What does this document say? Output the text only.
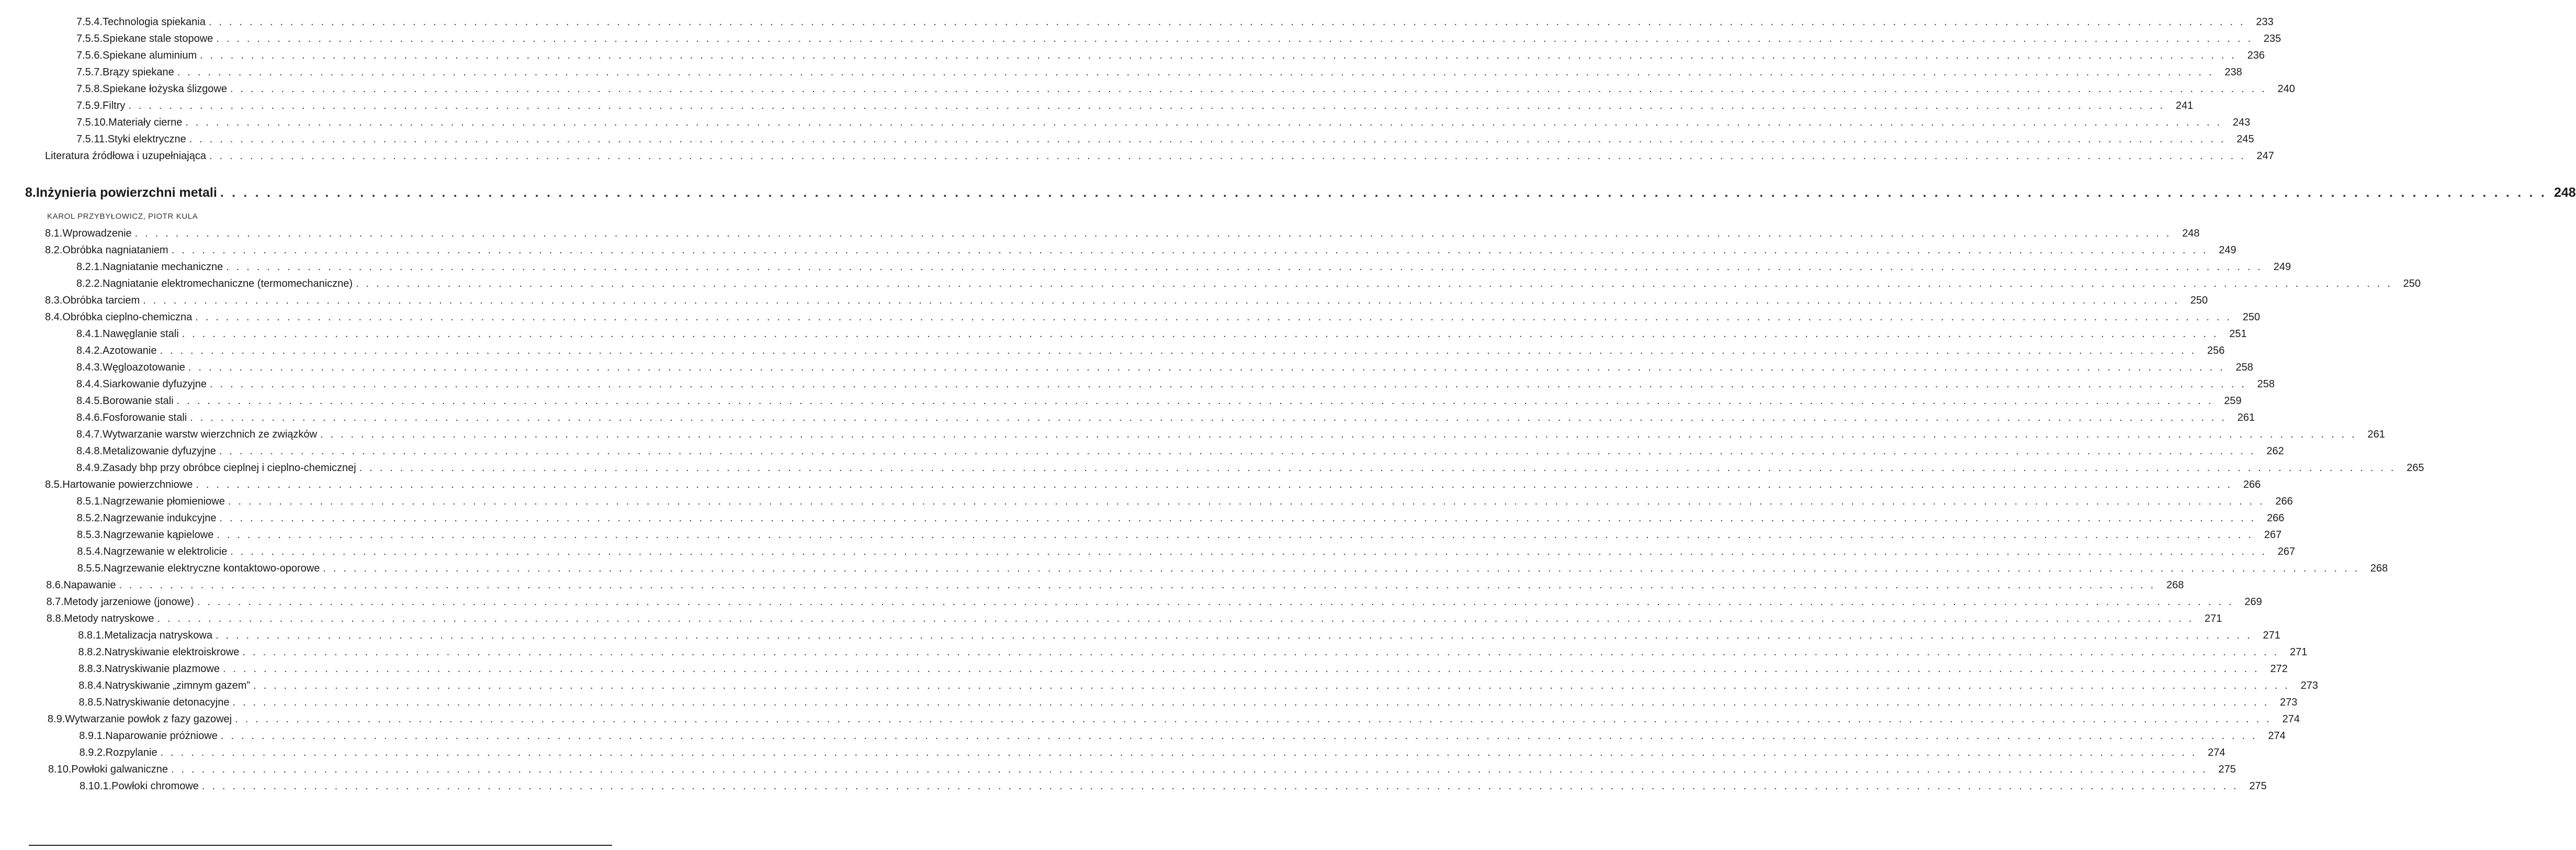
7.5.4. Technologia spiekania . . . . . . . . . . . . . . . . . . . . . . . . . . . . . . . . . . . . . . . . . . . . . . . . . . . . . . . . . . . . . . . . . . . . . . . . . . . . . . . . . . . . . . . . . . . . . . . . . . . . . . . . . . . . . . . . . . . . . . . . . . . . . . . . . . . . . . . . . . . . . . . . . . . . . . . . . . . . . . . . . . . . . . . . . . . . . . . . . . . . . . . . . . . . . . . . . . . . . . . .	233
7.5.5. Spiekane stale stopowe . . . . . . . . . . . . . . . . . . . . . . . . . . . . . . . . . . . . . . . . . . . . . . . . . . . . . . . . . . . . . . . . . . . . . . . . . . . . . . . . . . . . . . . . . . . . . . . . . . . . . . . . . . . . . . . . . . . . . . . . . . . . . . . . . . . . . . . . . . . . . . . . . . . . . . . . . . . . . . . . . . . . . . . . . . . . . . . . . . . . . . . . . . . . . . . . . . . . . . . .	235
7.5.6. Spiekane aluminium . . . . . . . . . . . . . . . . . . . . . . . . . . . . . . . . . . . . . . . . . . . . . . . . . . . . . . . . . . . . . . . . . . . . . . . . . . . . . . . . . . . . . . . . . . . . . . . . . . . . . . . . . . . . . . . . . . . . . . . . . . . . . . . . . . . . . . . . . . . . . . . . . . . . . . . . . . . . . . . . . . . . . . . . . . . . . . . . . . . . . . . . . . . . . . . . . . . . . . . .	236
7.5.7. Brązy spiekane . . . . . . . . . . . . . . . . . . . . . . . . . . . . . . . . . . . . . . . . . . . . . . . . . . . . . . . . . . . . . . . . . . . . . . . . . . . . . . . . . . . . . . . . . . . . . . . . . . . . . . . . . . . . . . . . . . . . . . . . . . . . . . . . . . . . . . . . . . . . . . . . . . . . . . . . . . . . . . . . . . . . . . . . . . . . . . . . . . . . . . . . . . . . . . . . . . . . . . . .	238
7.5.8. Spiekane łożyska ślizgowe . . . . . . . . . . . . . . . . . . . . . . . . . . . . . . . . . . . . . . . . . . . . . . . . . . . . . . . . . . . . . . . . . . . . . . . . . . . . . . . . . . . . . . . . . . . . . . . . . . . . . . . . . . . . . . . . . . . . . . . . . . . . . . . . . . . . . . . . . . . . . . . . . . . . . . . . . . . . . . . . . . . . . . . . . . . . . . . . . . . . . . . . . . . . . . . . . . . . . . . .	240
7.5.9. Filtry . . . . . . . . . . . . . . . . . . . . . . . . . . . . . . . . . . . . . . . . . . . . . . . . . . . . . . . . . . . . . . . . . . . . . . . . . . . . . . . . . . . . . . . . . . . . . . . . . . . . . . . . . . . . . . . . . . . . . . . . . . . . . . . . . . . . . . . . . . . . . . . . . . . . . . . . . . . . . . . . . . . . . . . . . . . . . . . . . . . . . . . . . . . . . . . . . . . . . . . .	241
7.5.10. Materiały cierne . . . . . . . . . . . . . . . . . . . . . . . . . . . . . . . . . . . . . . . . . . . . . . . . . . . . . . . . . . . . . . . . . . . . . . . . . . . . . . . . . . . . . . . . . . . . . . . . . . . . . . . . . . . . . . . . . . . . . . . . . . . . . . . . . . . . . . . . . . . . . . . . . . . . . . . . . . . . . . . . . . . . . . . . . . . . . . . . . . . . . . . . . . . . . . . . . . . . . . . .	243
7.5.11. Styki elektryczne . . . . . . . . . . . . . . . . . . . . . . . . . . . . . . . . . . . . . . . . . . . . . . . . . . . . . . . . . . . . . . . . . . . . . . . . . . . . . . . . . . . . . . . . . . . . . . . . . . . . . . . . . . . . . . . . . . . . . . . . . . . . . . . . . . . . . . . . . . . . . . . . . . . . . . . . . . . . . . . . . . . . . . . . . . . . . . . . . . . . . . . . . . . . . . . . . . . . . . . .	245
Literatura źródłowa i uzupełniająca . . . . . . . . . . . . . . . . . . . . . . . . . . . . . . . . . . . . . . . . . . . . . . . . . . . . . . . . . . . . . . . . . . . . . . . . . . . . . . . . . . . . . . . . . . . . . . . . . . . . . . . . . . . . . . . . . . . . . . . . . . . . . . . . . . . . . . . . . . . . . . . . . . . . . . . . . . . . . . . . . . . . . . . . . . . . . . . . . . . . . . . . . . . . . . . . . . . . . . . .	247
8. Inżynieria powierzchni metali . . . . . . . . . . . . . . . . . . . . . . . . . . . . . . . . . . . . . . . . . . . . . . . . . . . . . . . . . . . . . . . . . . . . . . . . . . . . . . . . . . . . . . . . . . . . . . . . . . . . . . . . . . . . . . . . . . . . . . . . . . . . . . . . . . . . . . . . . . . . . . . . . . . . . . . . . . . . . . . . . . . . . . . . . . . . . . . . . . . . . . . . . . . . . . . . . . . . . . . . 248
8.1. Wprowadzenie . . . . . . . . . . . . . . . . . . . . . . . . . . . . . . . . . . . . . . . . . . . . . . . . . . . . . . . . . . . . . . . . . . . . . . . . . . . . . . . . . . . . . . . . . . . . . . . . . . . . . . . . . . . . . . . . . . . . . . . . . . . . . . . . . . . . . . . . . . . . . . . . . . . . . . . . . . . . . . . . . . . . . . . . . . . . . . . . . . . . . . . . . . . . . . . . . . . . . . . .	248
8.2. Obróbka nagniataniem . . . . . . . . . . . . . . . . . . . . . . . . . . . . . . . . . . . . . . . . . . . . . . . . . . . . . . . . . . . . . . . . . . . . . . . . . . . . . . . . . . . . . . . . . . . . . . . . . . . . . . . . . . . . . . . . . . . . . . . . . . . . . . . . . . . . . . . . . . . . . . . . . . . . . . . . . . . . . . . . . . . . . . . . . . . . . . . . . . . . . . . . . . . . . . . . . . . . . . . .	249
8.2.1. Nagniatanie mechaniczne . . . . . . . . . . . . . . . . . . . . . . . . . . . . . . . . . . . . . . . . . . . . . . . . . . . . . . . . . . . . . . . . . . . . . . . . . . . . . . . . . . . . . . . . . . . . . . . . . . . . . . . . . . . . . . . . . . . . . . . . . . . . . . . . . . . . . . . . . . . . . . . . . . . . . . . . . . . . . . . . . . . . . . . . . . . . . . . . . . . . . . . . . . . . . . . . . . . . . . . .	249
8.2.2. Nagniatanie elektromechaniczne (termomechaniczne) . . . . . . . . . . . . . . . . . . . . . . . . . . . . . . . . . . . . . . . . . . . . . . . . . . . . . . . . . . . . . . . . . . . . . . . . . . . . . . . . . . . . . . . . . . . . . . . . . . . . . . . . . . . . . . . . . . . . . . . . . . . . . . . . . . . . . . . . . . . . . . . . . . . . . . . . . . . . . . . . . . . . . . . . . . . . . . . . . . . . . . . . . . . . . . . . . . . . . . . .	250
8.3. Obróbka tarciem . . . . . . . . . . . . . . . . . . . . . . . . . . . . . . . . . . . . . . . . . . . . . . . . . . . . . . . . . . . . . . . . . . . . . . . . . . . . . . . . . . . . . . . . . . . . . . . . . . . . . . . . . . . . . . . . . . . . . . . . . . . . . . . . . . . . . . . . . . . . . . . . . . . . . . . . . . . . . . . . . . . . . . . . . . . . . . . . . . . . . . . . . . . . . . . . . . . . . . . .	250
8.4. Obróbka cieplno-chemiczna . . . . . . . . . . . . . . . . . . . . . . . . . . . . . . . . . . . . . . . . . . . . . . . . . . . . . . . . . . . . . . . . . . . . . . . . . . . . . . . . . . . . . . . . . . . . . . . . . . . . . . . . . . . . . . . . . . . . . . . . . . . . . . . . . . . . . . . . . . . . . . . . . . . . . . . . . . . . . . . . . . . . . . . . . . . . . . . . . . . . . . . . . . . . . . . . . . . . . . . .	250
8.4.1. Nawęglanie stali . . . . . . . . . . . . . . . . . . . . . . . . . . . . . . . . . . . . . . . . . . . . . . . . . . . . . . . . . . . . . . . . . . . . . . . . . . . . . . . . . . . . . . . . . . . . . . . . . . . . . . . . . . . . . . . . . . . . . . . . . . . . . . . . . . . . . . . . . . . . . . . . . . . . . . . . . . . . . . . . . . . . . . . . . . . . . . . . . . . . . . . . . . . . . . . . . . . . . . . .	251
8.4.2. Azotowanie . . . . . . . . . . . . . . . . . . . . . . . . . . . . . . . . . . . . . . . . . . . . . . . . . . . . . . . . . . . . . . . . . . . . . . . . . . . . . . . . . . . . . . . . . . . . . . . . . . . . . . . . . . . . . . . . . . . . . . . . . . . . . . . . . . . . . . . . . . . . . . . . . . . . . . . . . . . . . . . . . . . . . . . . . . . . . . . . . . . . . . . . . . . . . . . . . . . . . . . .	256
8.4.3. Węgloazotowanie . . . . . . . . . . . . . . . . . . . . . . . . . . . . . . . . . . . . . . . . . . . . . . . . . . . . . . . . . . . . . . . . . . . . . . . . . . . . . . . . . . . . . . . . . . . . . . . . . . . . . . . . . . . . . . . . . . . . . . . . . . . . . . . . . . . . . . . . . . . . . . . . . . . . . . . . . . . . . . . . . . . . . . . . . . . . . . . . . . . . . . . . . . . . . . . . . . . . . . . .	258
8.4.4. Siarkowanie dyfuzyjne . . . . . . . . . . . . . . . . . . . . . . . . . . . . . . . . . . . . . . . . . . . . . . . . . . . . . . . . . . . . . . . . . . . . . . . . . . . . . . . . . . . . . . . . . . . . . . . . . . . . . . . . . . . . . . . . . . . . . . . . . . . . . . . . . . . . . . . . . . . . . . . . . . . . . . . . . . . . . . . . . . . . . . . . . . . . . . . . . . . . . . . . . . . . . . . . . . . . . . . .	258
8.4.5. Borowanie stali . . . . . . . . . . . . . . . . . . . . . . . . . . . . . . . . . . . . . . . . . . . . . . . . . . . . . . . . . . . . . . . . . . . . . . . . . . . . . . . . . . . . . . . . . . . . . . . . . . . . . . . . . . . . . . . . . . . . . . . . . . . . . . . . . . . . . . . . . . . . . . . . . . . . . . . . . . . . . . . . . . . . . . . . . . . . . . . . . . . . . . . . . . . . . . . . . . . . . . . .	259
8.4.6. Fosforowanie stali . . . . . . . . . . . . . . . . . . . . . . . . . . . . . . . . . . . . . . . . . . . . . . . . . . . . . . . . . . . . . . . . . . . . . . . . . . . . . . . . . . . . . . . . . . . . . . . . . . . . . . . . . . . . . . . . . . . . . . . . . . . . . . . . . . . . . . . . . . . . . . . . . . . . . . . . . . . . . . . . . . . . . . . . . . . . . . . . . . . . . . . . . . . . . . . . . . . . . . . .	261
8.4.7. Wytwarzanie warstw wierzchnich ze związków . . . . . . . . . . . . . . . . . . . . . . . . . . . . . . . . . . . . . . . . . . . . . . . . . . . . . . . . . . . . . . . . . . . . . . . . . . . . . . . . . . . . . . . . . . . . . . . . . . . . . . . . . . . . . . . . . . . . . . . . . . . . . . . . . . . . . . . . . . . . . . . . . . . . . . . . . . . . . . . . . . . . . . . . . . . . . . . . . . . . . . . . . . . . . . . . . . . . . . . .	261
8.4.8. Metalizowanie dyfuzyjne . . . . . . . . . . . . . . . . . . . . . . . . . . . . . . . . . . . . . . . . . . . . . . . . . . . . . . . . . . . . . . . . . . . . . . . . . . . . . . . . . . . . . . . . . . . . . . . . . . . . . . . . . . . . . . . . . . . . . . . . . . . . . . . . . . . . . . . . . . . . . . . . . . . . . . . . . . . . . . . . . . . . . . . . . . . . . . . . . . . . . . . . . . . . . . . . . . . . . . . .	262
8.4.9. Zasady bhp przy obróbce cieplnej i cieplno-chemicznej . . . . . . . . . . . . . . . . . . . . . . . . . . . . . . . . . . . . . . . . . . . . . . . . . . . . . . . . . . . . . . . . . . . . . . . . . . . . . . . . . . . . . . . . . . . . . . . . . . . . . . . . . . . . . . . . . . . . . . . . . . . . . . . . . . . . . . . . . . . . . . . . . . . . . . . . . . . . . . . . . . . . . . . . . . . . . . . . . . . . . . . . . . . . . . . . . . . . . . . .	265
8.5. Hartowanie powierzchniowe . . . . . . . . . . . . . . . . . . . . . . . . . . . . . . . . . . . . . . . . . . . . . . . . . . . . . . . . . . . . . . . . . . . . . . . . . . . . . . . . . . . . . . . . . . . . . . . . . . . . . . . . . . . . . . . . . . . . . . . . . . . . . . . . . . . . . . . . . . . . . . . . . . . . . . . . . . . . . . . . . . . . . . . . . . . . . . . . . . . . . . . . . . . . . . . . . . . . . . . .	266
8.5.1. Nagrzewanie płomieniowe . . . . . . . . . . . . . . . . . . . . . . . . . . . . . . . . . . . . . . . . . . . . . . . . . . . . . . . . . . . . . . . . . . . . . . . . . . . . . . . . . . . . . . . . . . . . . . . . . . . . . . . . . . . . . . . . . . . . . . . . . . . . . . . . . . . . . . . . . . . . . . . . . . . . . . . . . . . . . . . . . . . . . . . . . . . . . . . . . . . . . . . . . . . . . . . . . . . . . . . .	266
8.5.2. Nagrzewanie indukcyjne . . . . . . . . . . . . . . . . . . . . . . . . . . . . . . . . . . . . . . . . . . . . . . . . . . . . . . . . . . . . . . . . . . . . . . . . . . . . . . . . . . . . . . . . . . . . . . . . . . . . . . . . . . . . . . . . . . . . . . . . . . . . . . . . . . . . . . . . . . . . . . . . . . . . . . . . . . . . . . . . . . . . . . . . . . . . . . . . . . . . . . . . . . . . . . . . . . . . . . . .	266
8.5.3. Nagrzewanie kąpielowe . . . . . . . . . . . . . . . . . . . . . . . . . . . . . . . . . . . . . . . . . . . . . . . . . . . . . . . . . . . . . . . . . . . . . . . . . . . . . . . . . . . . . . . . . . . . . . . . . . . . . . . . . . . . . . . . . . . . . . . . . . . . . . . . . . . . . . . . . . . . . . . . . . . . . . . . . . . . . . . . . . . . . . . . . . . . . . . . . . . . . . . . . . . . . . . . . . . . . . . .	267
8.5.4. Nagrzewanie w elektrolicie . . . . . . . . . . . . . . . . . . . . . . . . . . . . . . . . . . . . . . . . . . . . . . . . . . . . . . . . . . . . . . . . . . . . . . . . . . . . . . . . . . . . . . . . . . . . . . . . . . . . . . . . . . . . . . . . . . . . . . . . . . . . . . . . . . . . . . . . . . . . . . . . . . . . . . . . . . . . . . . . . . . . . . . . . . . . . . . . . . . . . . . . . . . . . . . . . . . . . . . .	267
8.5.5. Nagrzewanie elektryczne kontaktowo-oporowe . . . . . . . . . . . . . . . . . . . . . . . . . . . . . . . . . . . . . . . . . . . . . . . . . . . . . . . . . . . . . . . . . . . . . . . . . . . . . . . . . . . . . . . . . . . . . . . . . . . . . . . . . . . . . . . . . . . . . . . . . . . . . . . . . . . . . . . . . . . . . . . . . . . . . . . . . . . . . . . . . . . . . . . . . . . . . . . . . . . . . . . . . . . . . . . . . . . . . . . .	268
8.6. Napawanie . . . . . . . . . . . . . . . . . . . . . . . . . . . . . . . . . . . . . . . . . . . . . . . . . . . . . . . . . . . . . . . . . . . . . . . . . . . . . . . . . . . . . . . . . . . . . . . . . . . . . . . . . . . . . . . . . . . . . . . . . . . . . . . . . . . . . . . . . . . . . . . . . . . . . . . . . . . . . . . . . . . . . . . . . . . . . . . . . . . . . . . . . . . . . . . . . . . . . . . .	268
8.7. Metody jarzeniowe (jonowe) . . . . . . . . . . . . . . . . . . . . . . . . . . . . . . . . . . . . . . . . . . . . . . . . . . . . . . . . . . . . . . . . . . . . . . . . . . . . . . . . . . . . . . . . . . . . . . . . . . . . . . . . . . . . . . . . . . . . . . . . . . . . . . . . . . . . . . . . . . . . . . . . . . . . . . . . . . . . . . . . . . . . . . . . . . . . . . . . . . . . . . . . . . . . . . . . . . . . . . . .	269
8.8. Metody natryskowe . . . . . . . . . . . . . . . . . . . . . . . . . . . . . . . . . . . . . . . . . . . . . . . . . . . . . . . . . . . . . . . . . . . . . . . . . . . . . . . . . . . . . . . . . . . . . . . . . . . . . . . . . . . . . . . . . . . . . . . . . . . . . . . . . . . . . . . . . . . . . . . . . . . . . . . . . . . . . . . . . . . . . . . . . . . . . . . . . . . . . . . . . . . . . . . . . . . . . . . .	271
8.8.1. Metalizacja natryskowa . . . . . . . . . . . . . . . . . . . . . . . . . . . . . . . . . . . . . . . . . . . . . . . . . . . . . . . . . . . . . . . . . . . . . . . . . . . . . . . . . . . . . . . . . . . . . . . . . . . . . . . . . . . . . . . . . . . . . . . . . . . . . . . . . . . . . . . . . . . . . . . . . . . . . . . . . . . . . . . . . . . . . . . . . . . . . . . . . . . . . . . . . . . . . . . . . . . . . . . .	271
8.8.2. Natryskiwanie elektroiskrowe . . . . . . . . . . . . . . . . . . . . . . . . . . . . . . . . . . . . . . . . . . . . . . . . . . . . . . . . . . . . . . . . . . . . . . . . . . . . . . . . . . . . . . . . . . . . . . . . . . . . . . . . . . . . . . . . . . . . . . . . . . . . . . . . . . . . . . . . . . . . . . . . . . . . . . . . . . . . . . . . . . . . . . . . . . . . . . . . . . . . . . . . . . . . . . . . . . . . . . . .	271
8.8.3. Natryskiwanie plazmowe . . . . . . . . . . . . . . . . . . . . . . . . . . . . . . . . . . . . . . . . . . . . . . . . . . . . . . . . . . . . . . . . . . . . . . . . . . . . . . . . . . . . . . . . . . . . . . . . . . . . . . . . . . . . . . . . . . . . . . . . . . . . . . . . . . . . . . . . . . . . . . . . . . . . . . . . . . . . . . . . . . . . . . . . . . . . . . . . . . . . . . . . . . . . . . . . . . . . . . . .	272
8.8.4. Natryskiwanie „zimnym gazem” . . . . . . . . . . . . . . . . . . . . . . . . . . . . . . . . . . . . . . . . . . . . . . . . . . . . . . . . . . . . . . . . . . . . . . . . . . . . . . . . . . . . . . . . . . . . . . . . . . . . . . . . . . . . . . . . . . . . . . . . . . . . . . . . . . . . . . . . . . . . . . . . . . . . . . . . . . . . . . . . . . . . . . . . . . . . . . . . . . . . . . . . . . . . . . . . . . . . . . . .	273
8.8.5. Natryskiwanie detonacyjne . . . . . . . . . . . . . . . . . . . . . . . . . . . . . . . . . . . . . . . . . . . . . . . . . . . . . . . . . . . . . . . . . . . . . . . . . . . . . . . . . . . . . . . . . . . . . . . . . . . . . . . . . . . . . . . . . . . . . . . . . . . . . . . . . . . . . . . . . . . . . . . . . . . . . . . . . . . . . . . . . . . . . . . . . . . . . . . . . . . . . . . . . . . . . . . . . . . . . . . .	273
8.9. Wytwarzanie powłok z fazy gazowej . . . . . . . . . . . . . . . . . . . . . . . . . . . . . . . . . . . . . . . . . . . . . . . . . . . . . . . . . . . . . . . . . . . . . . . . . . . . . . . . . . . . . . . . . . . . . . . . . . . . . . . . . . . . . . . . . . . . . . . . . . . . . . . . . . . . . . . . . . . . . . . . . . . . . . . . . . . . . . . . . . . . . . . . . . . . . . . . . . . . . . . . . . . . . . . . . . . . . . . .	274
8.9.1. Naparowanie próżniowe . . . . . . . . . . . . . . . . . . . . . . . . . . . . . . . . . . . . . . . . . . . . . . . . . . . . . . . . . . . . . . . . . . . . . . . . . . . . . . . . . . . . . . . . . . . . . . . . . . . . . . . . . . . . . . . . . . . . . . . . . . . . . . . . . . . . . . . . . . . . . . . . . . . . . . . . . . . . . . . . . . . . . . . . . . . . . . . . . . . . . . . . . . . . . . . . . . . . . . . .	274
8.9.2. Rozpylanie . . . . . . . . . . . . . . . . . . . . . . . . . . . . . . . . . . . . . . . . . . . . . . . . . . . . . . . . . . . . . . . . . . . . . . . . . . . . . . . . . . . . . . . . . . . . . . . . . . . . . . . . . . . . . . . . . . . . . . . . . . . . . . . . . . . . . . . . . . . . . . . . . . . . . . . . . . . . . . . . . . . . . . . . . . . . . . . . . . . . . . . . . . . . . . . . . . . . . . . .	274
8.10. Powłoki galwaniczne . . . . . . . . . . . . . . . . . . . . . . . . . . . . . . . . . . . . . . . . . . . . . . . . . . . . . . . . . . . . . . . . . . . . . . . . . . . . . . . . . . . . . . . . . . . . . . . . . . . . . . . . . . . . . . . . . . . . . . . . . . . . . . . . . . . . . . . . . . . . . . . . . . . . . . . . . . . . . . . . . . . . . . . . . . . . . . . . . . . . . . . . . . . . . . . . . . . . . . . .	275
8.10.1. Powłoki chromowe . . . . . . . . . . . . . . . . . . . . . . . . . . . . . . . . . . . . . . . . . . . . . . . . . . . . . . . . . . . . . . . . . . . . . . . . . . . . . . . . . . . . . . . . . . . . . . . . . . . . . . . . . . . . . . . . . . . . . . . . . . . . . . . . . . . . . . . . . . . . . . . . . . . . . . . . . . . . . . . . . . . . . . . . . . . . . . . . . . . . . . . . . . . . . . . . . . . . . . . .	275
KAROL PRZYBYŁOWICZ, PIOTR KULA
